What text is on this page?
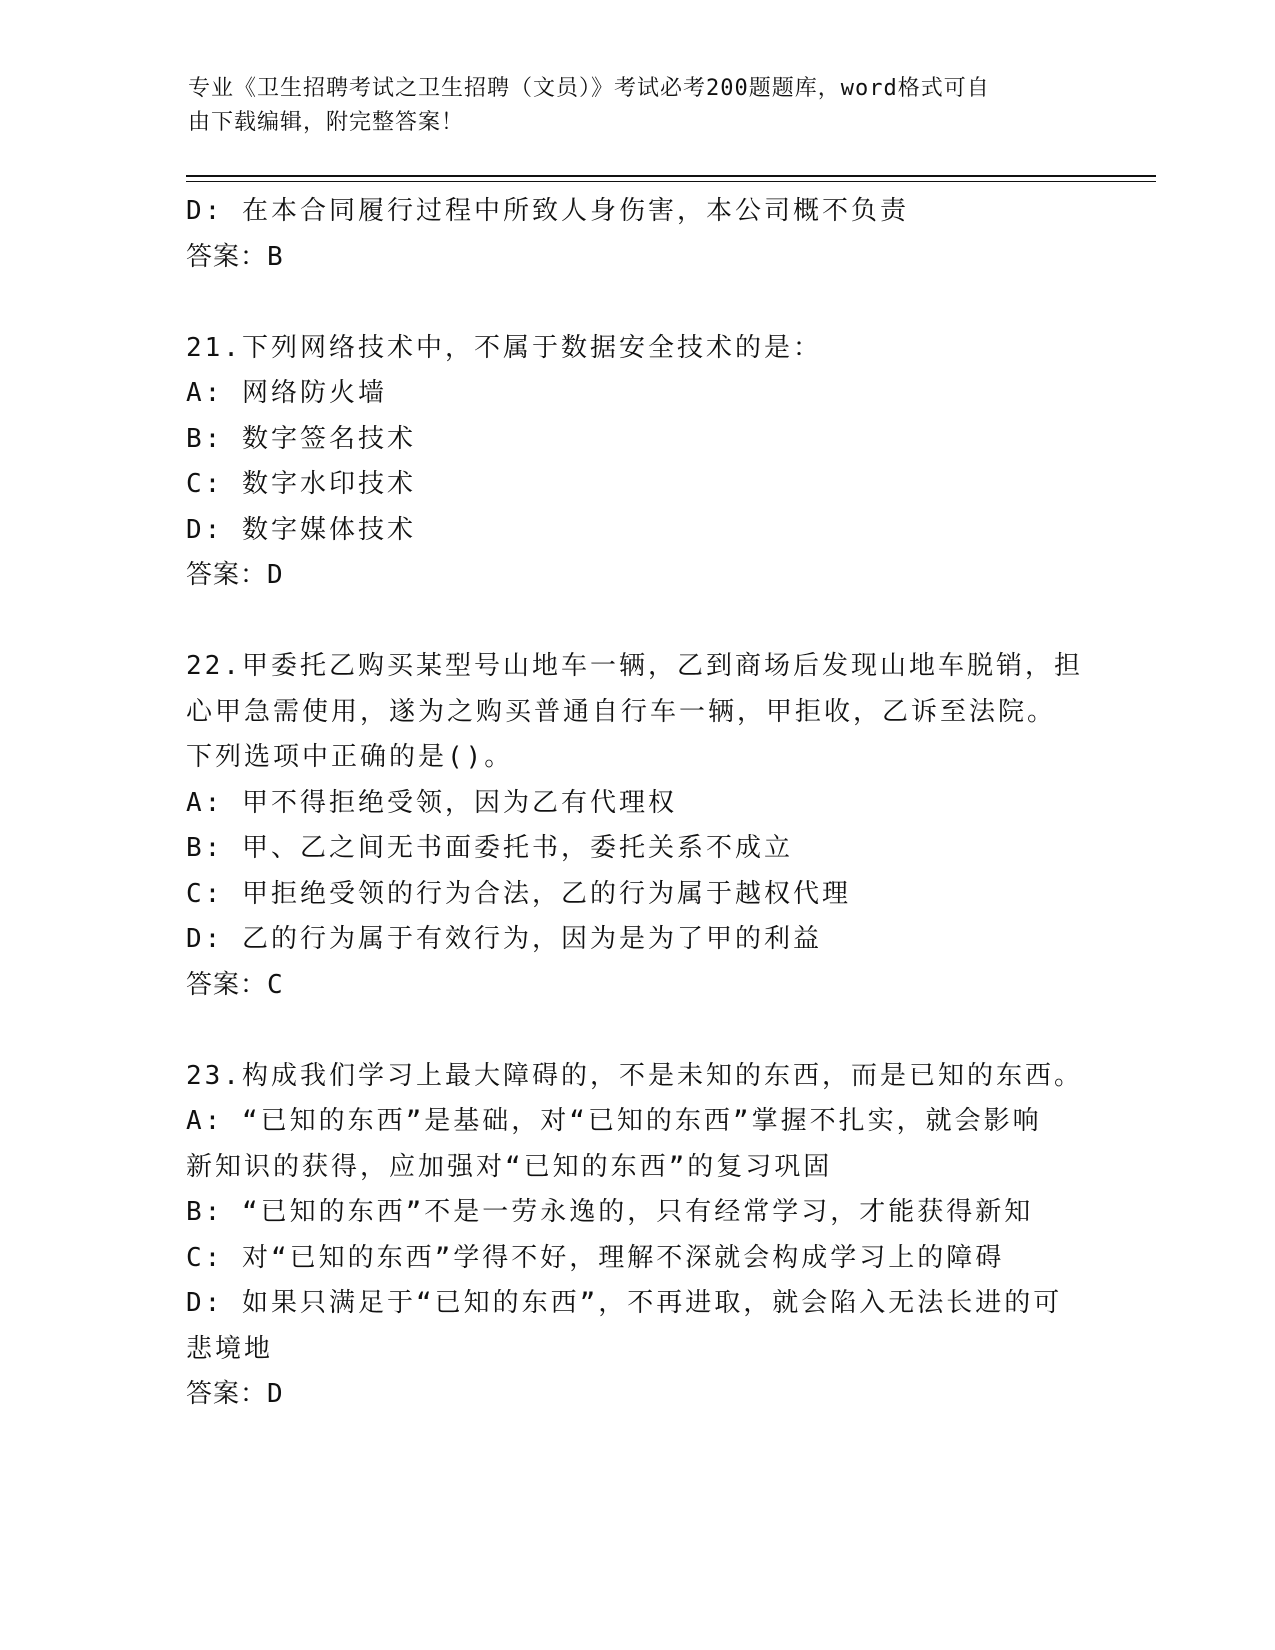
专业《卫生招聘考试之卫生招聘（文员）》考试必考200题题库，word格式可自
由下载编辑，附完整答案！
D: 在本合同履行过程中所致人身伤害，本公司概不负责
答案：B
21.下列网络技术中，不属于数据安全技术的是：
A: 网络防火墙
B: 数字签名技术
C: 数字水印技术
D: 数字媒体技术
答案：D
22.甲委托乙购买某型号山地车一辆，乙到商场后发现山地车脱销，担
心甲急需使用，遂为之购买普通自行车一辆，甲拒收，乙诉至法院。
下列选项中正确的是()。
A: 甲不得拒绝受领，因为乙有代理权
B: 甲、乙之间无书面委托书，委托关系不成立
C: 甲拒绝受领的行为合法，乙的行为属于越权代理
D: 乙的行为属于有效行为，因为是为了甲的利益
答案：C
23.构成我们学习上最大障碍的，不是未知的东西，而是已知的东西。
A: “已知的东西”是基础，对“已知的东西”掌握不扎实，就会影响
新知识的获得，应加强对“已知的东西”的复习巩固
B: “已知的东西”不是一劳永逸的，只有经常学习，才能获得新知
C: 对“已知的东西”学得不好，理解不深就会构成学习上的障碍
D: 如果只满足于“已知的东西”，不再进取，就会陷入无法长进的可
悲境地
答案：D
